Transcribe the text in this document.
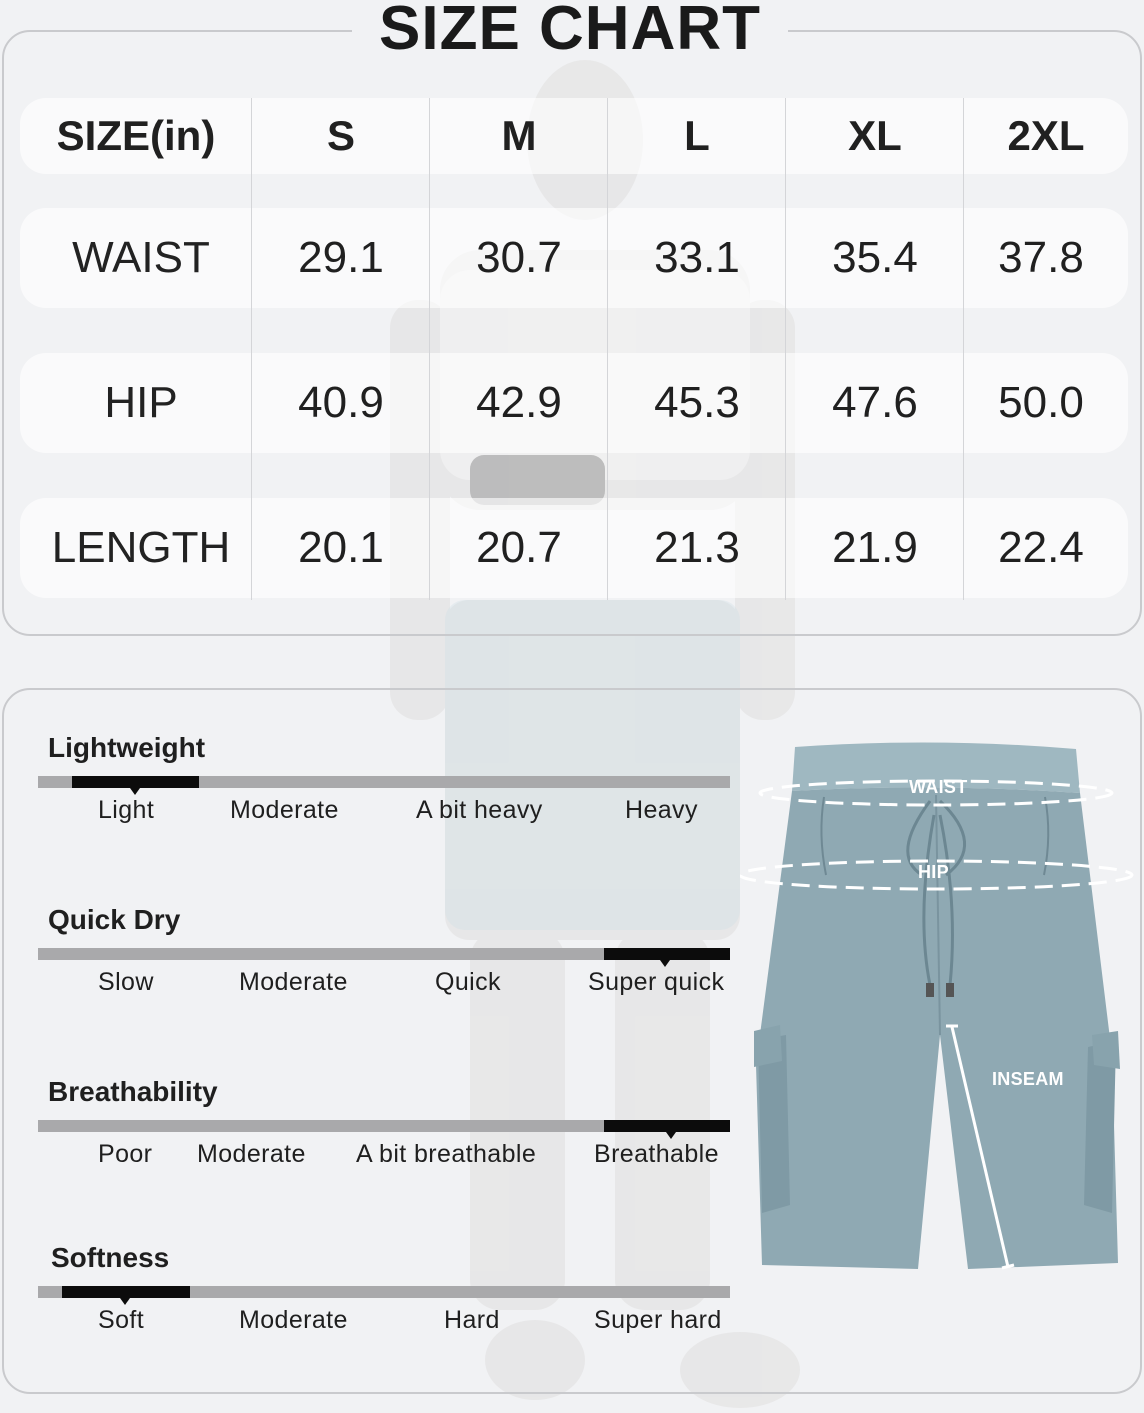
SIZE CHART
SIZE(in)	S	M	L	XL	2XL
WAIST	29.1	30.7	33.1	35.4	37.8
HIP	40.9	42.9	45.3	47.6	50.0
LENGTH	20.1	20.7	21.3	21.9	22.4
Lightweight
Light	Moderate	A bit heavy	Heavy
Quick Dry
Slow	Moderate	Quick	Super quick
Breathability
Poor Moderate A bit breathable Breathable
Softness
Soft	Moderate	Hard	Super hard
WAIST
HIP
INSEAM
